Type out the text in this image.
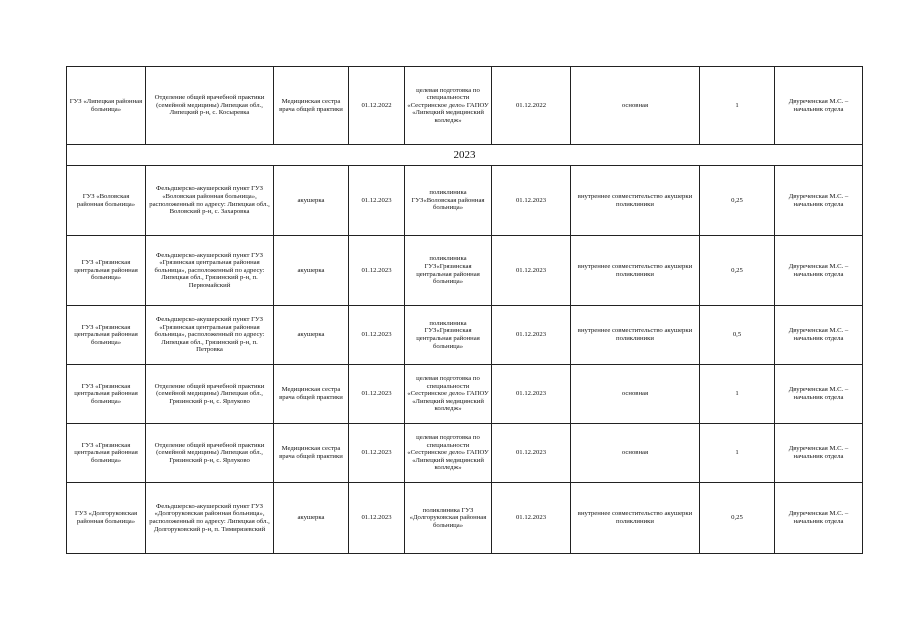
ГУЗ «Липецкая районная больница»	Отделение общей врачебной практики (семейной медицины) Липецкая обл., Липецкий р-н, с. Косыревка	Медицинская сестра врача общей практики	01.12.2022	целевая подготовка по специальности «Сестринское дело» ГАПОУ «Липецкий медицинский колледж»	01.12.2022	основная	1	Двуреченская М.С. – начальник отдела
2023								
ГУЗ «Воловская районная больница»	Фельдшерско-акушерский пункт ГУЗ «Воловская районная больница», расположенный по адресу: Липецкая обл., Воловский р-н, с. Захаровка	акушерка	01.12.2023	поликлиника ГУЗ«Воловская районная больница»	01.12.2023	внутреннее совместительство акушерки поликлиники	0,25	Двуреченская М.С. – начальник отдела
ГУЗ «Грязинская центральная районная больница»	Фельдшерско-акушерский пункт ГУЗ «Грязинская центральная районная больница», расположенный по адресу: Липецкая обл., Грязинский р-н, п. Первомайский	акушерка	01.12.2023	поликлиника ГУЗ«Грязинская центральная районная больница»	01.12.2023	внутреннее совместительство акушерки поликлиники	0,25	Двуреченская М.С. – начальник отдела
ГУЗ «Грязинская центральная районная больница»	Фельдшерско-акушерский пункт ГУЗ «Грязинская центральная районная больница», расположенный по адресу: Липецкая обл., Грязинский р-н, п. Петровка	акушерка	01.12.2023	поликлиника ГУЗ«Грязинская центральная районная больница»	01.12.2023	внутреннее совместительство акушерки поликлиники	0,5	Двуреченская М.С. – начальник отдела
ГУЗ «Грязинская центральная районная больница»	Отделение общей врачебной практики (семейной медицины) Липецкая обл., Грязинский р-н, с. Ярлуково	Медицинская сестра врача общей практики	01.12.2023	целевая подготовка по специальности «Сестринское дело» ГАПОУ «Липецкий медицинский колледж»	01.12.2023	основная	1	Двуреченская М.С. – начальник отдела
ГУЗ «Грязинская центральная районная больница»	Отделение общей врачебной практики (семейной медицины) Липецкая обл., Грязинский р-н, с. Ярлуково	Медицинская сестра врача общей практики	01.12.2023	целевая подготовка по специальности «Сестринское дело» ГАПОУ «Липецкий медицинский колледж»	01.12.2023	основная	1	Двуреченская М.С. – начальник отдела
ГУЗ «Долгоруковская районная больница»	Фельдшерско-акушерский пункт ГУЗ «Долгоруковская районная больница», расположенный по адресу: Липецкая обл., Долгоруковский р-н, п. Тимирязевский	акушерка	01.12.2023	поликлиника ГУЗ «Долгоруковская районная больница»	01.12.2023	внутреннее совместительство акушерки поликлиники	0,25	Двуреченская М.С. – начальник отдела
